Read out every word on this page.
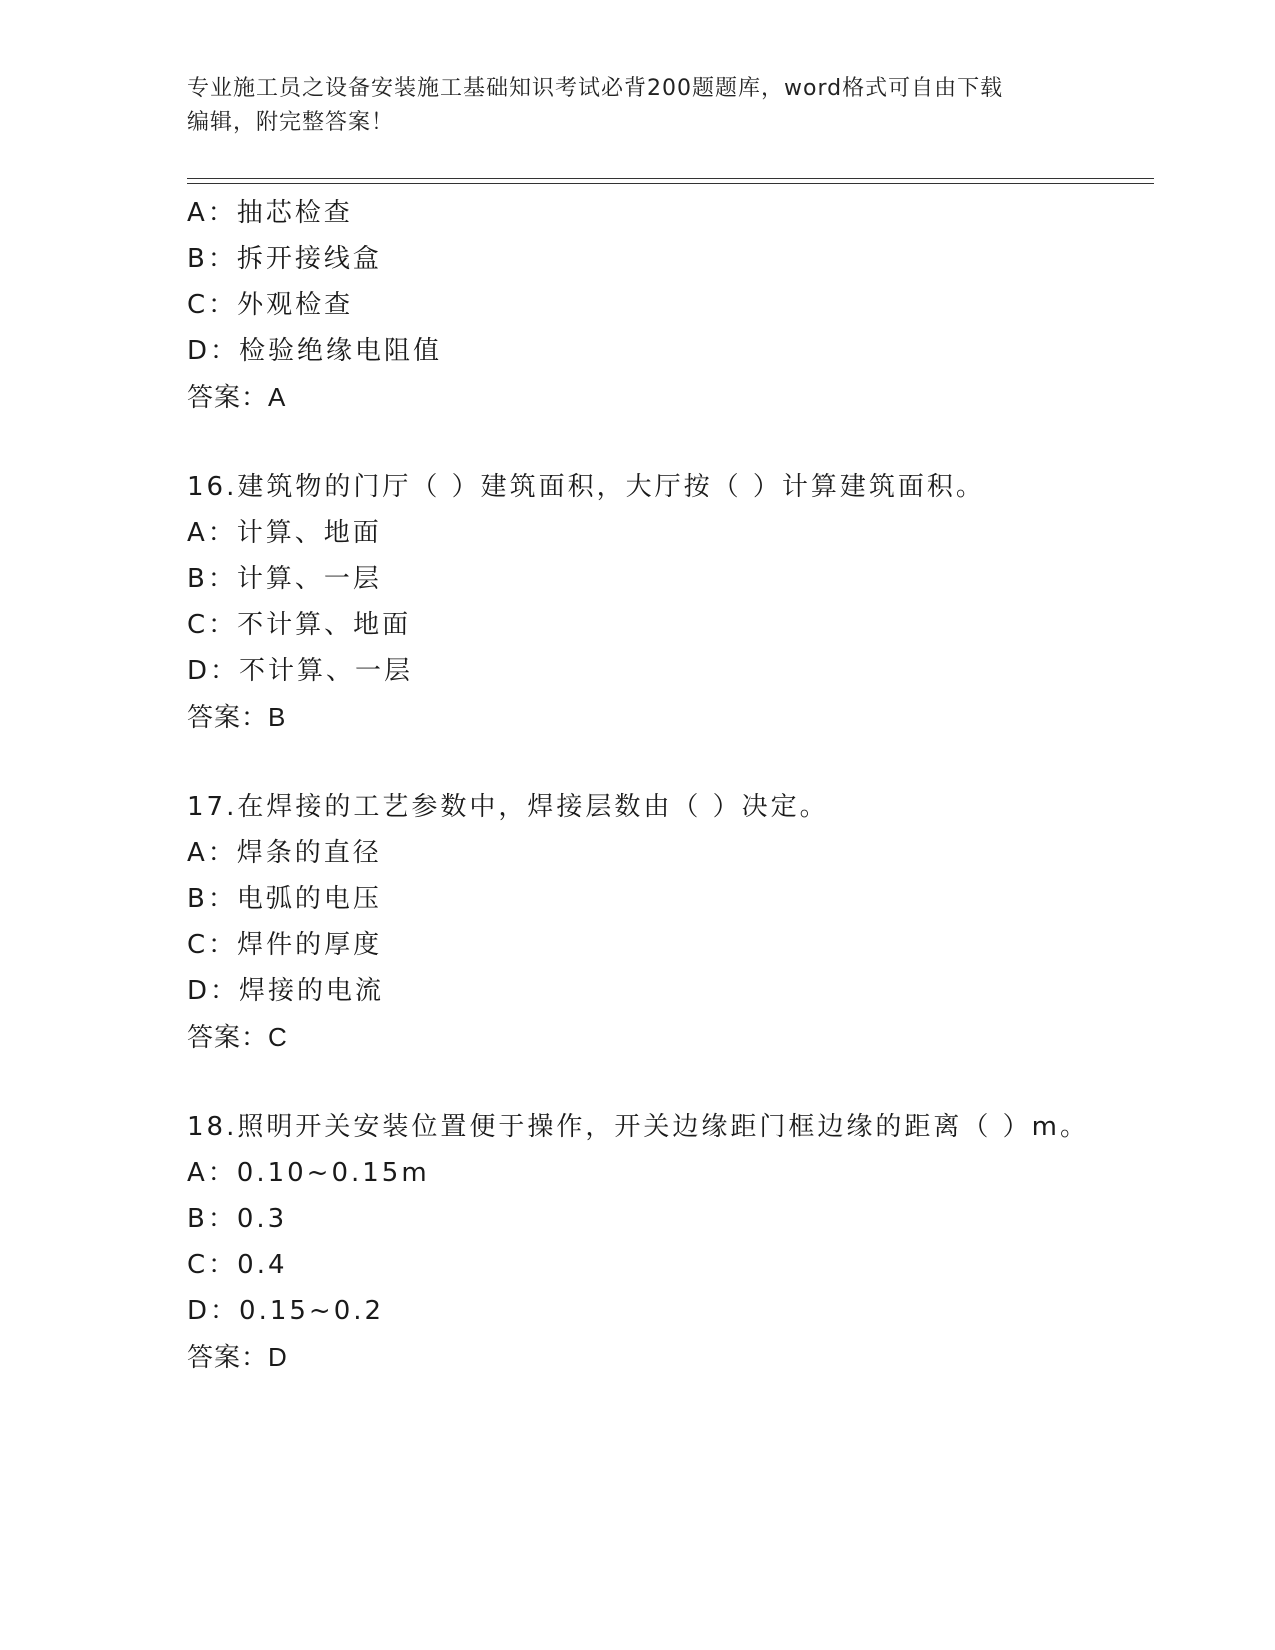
专业施工员之设备安装施工基础知识考试必背200题题库，word格式可自由下载
编辑，附完整答案！
A：抽芯检查
B：拆开接线盒
C：外观检查
D：检验绝缘电阻值
答案：A
16.建筑物的门厅（ ）建筑面积，大厅按（ ）计算建筑面积。
A：计算、地面
B：计算、一层
C：不计算、地面
D：不计算、一层
答案：B
17.在焊接的工艺参数中，焊接层数由（ ）决定。
A：焊条的直径
B：电弧的电压
C：焊件的厚度
D：焊接的电流
答案：C
18.照明开关安装位置便于操作，开关边缘距门框边缘的距离（ ）m。
A：0.10~0.15m
B：0.3
C：0.4
D：0.15~0.2
答案：D
